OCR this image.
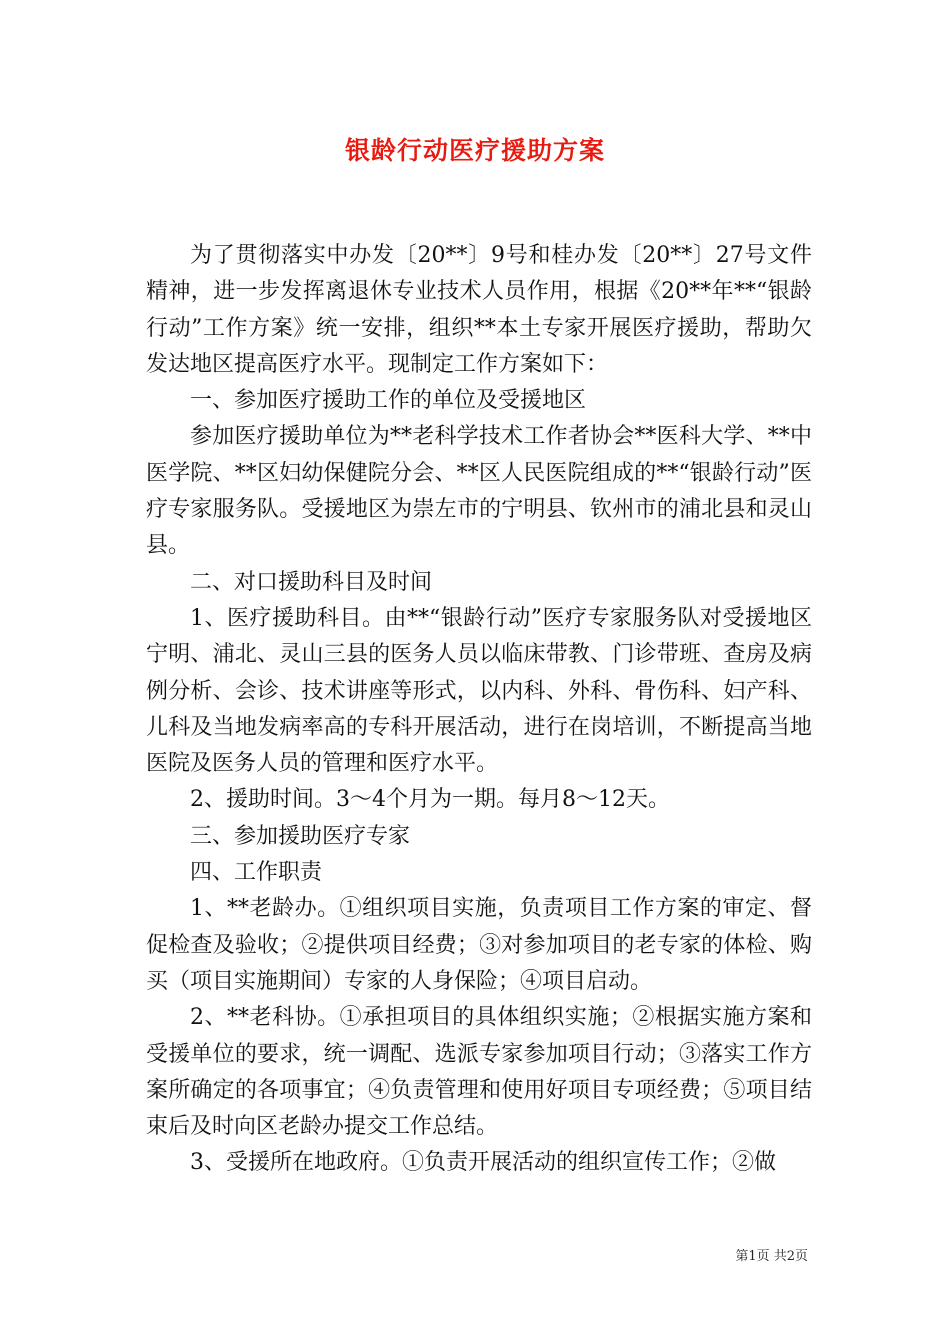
银龄行动医疗援助方案

为了贯彻落实中办发〔20**〕9号和桂办发〔20**〕27号文件精神，进一步发挥离退休专业技术人员作用，根据《20**年**“银龄行动”工作方案》统一安排，组织**本土专家开展医疗援助，帮助欠发达地区提高医疗水平。现制定工作方案如下：

一、参加医疗援助工作的单位及受援地区

参加医疗援助单位为**老科学技术工作者协会**医科大学、**中医学院、**区妇幼保健院分会、**区人民医院组成的**“银龄行动”医疗专家服务队。受援地区为崇左市的宁明县、钦州市的浦北县和灵山县。

二、对口援助科目及时间

1、医疗援助科目。由**“银龄行动”医疗专家服务队对受援地区宁明、浦北、灵山三县的医务人员以临床带教、门诊带班、查房及病例分析、会诊、技术讲座等形式，以内科、外科、骨伤科、妇产科、儿科及当地发病率高的专科开展活动，进行在岗培训，不断提高当地医院及医务人员的管理和医疗水平。

2、援助时间。3～4个月为一期。每月8～12天。

三、参加援助医疗专家

四、工作职责

1、**老龄办。①组织项目实施，负责项目工作方案的审定、督促检查及验收；②提供项目经费；③对参加项目的老专家的体检、购买（项目实施期间）专家的人身保险；④项目启动。

2、**老科协。①承担项目的具体组织实施；②根据实施方案和受援单位的要求，统一调配、选派专家参加项目行动；③落实工作方案所确定的各项事宜；④负责管理和使用好项目专项经费；⑤项目结束后及时向区老龄办提交工作总结。

3、受援所在地政府。①负责开展活动的组织宣传工作；②做

第1页 共2页
